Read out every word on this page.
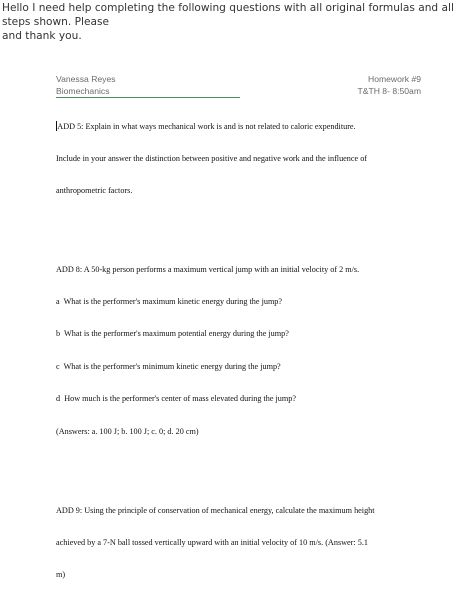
Hello I need help completing the following questions with all original formulas and all steps shown. Please
and thank you.
Vanessa Reyes

Biomechanics
Homework #9
T&TH 8- 8:50am

ADD 5: Explain in what ways mechanical work is and is not related to caloric expenditure.

Include in your answer the distinction between positive and negative work and the influence of

anthropometric factors.

ADD 8: A 50-kg person performs a maximum vertical jump with an initial velocity of 2 m/s.

a  What is the performer's maximum kinetic energy during the jump?

b  What is the performer's maximum potential energy during the jump?

c  What is the performer's minimum kinetic energy during the jump?

d  How much is the performer's center of mass elevated during the jump?

(Answers: a. 100 J; b. 100 J; c. 0; d. 20 cm)

ADD 9: Using the principle of conservation of mechanical energy, calculate the maximum height

achieved by a 7-N ball tossed vertically upward with an initial velocity of 10 m/s. (Answer: 5.1

m)
